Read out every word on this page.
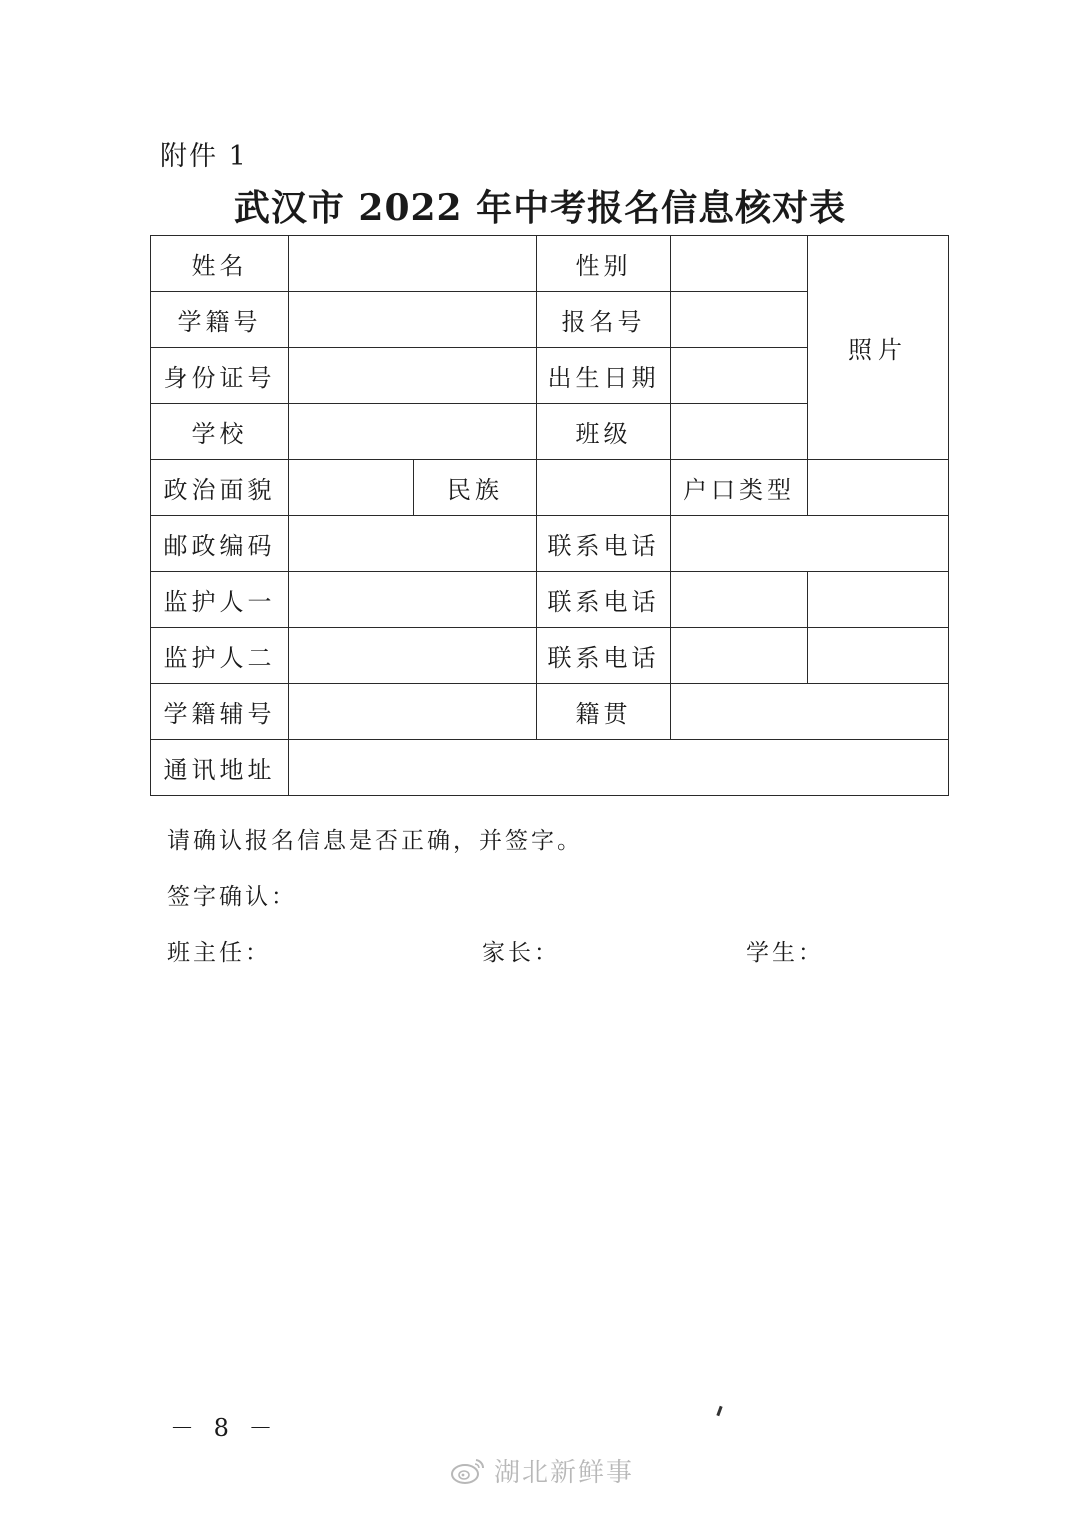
附件 1
武汉市 2022 年中考报名信息核对表
姓名			性别		照片
学籍号			报名号		
身份证号			出生日期		
学校			班级		
政治面貌		民族		户口类型	
邮政编码			联系电话		
监护人一			联系电话		
监护人二			联系电话		
学籍辅号			籍贯		
通讯地址					
请确认报名信息是否正确，并签字。
签字确认：
班主任：	家长：	学生：
－ 8 －
湖北新鲜事
